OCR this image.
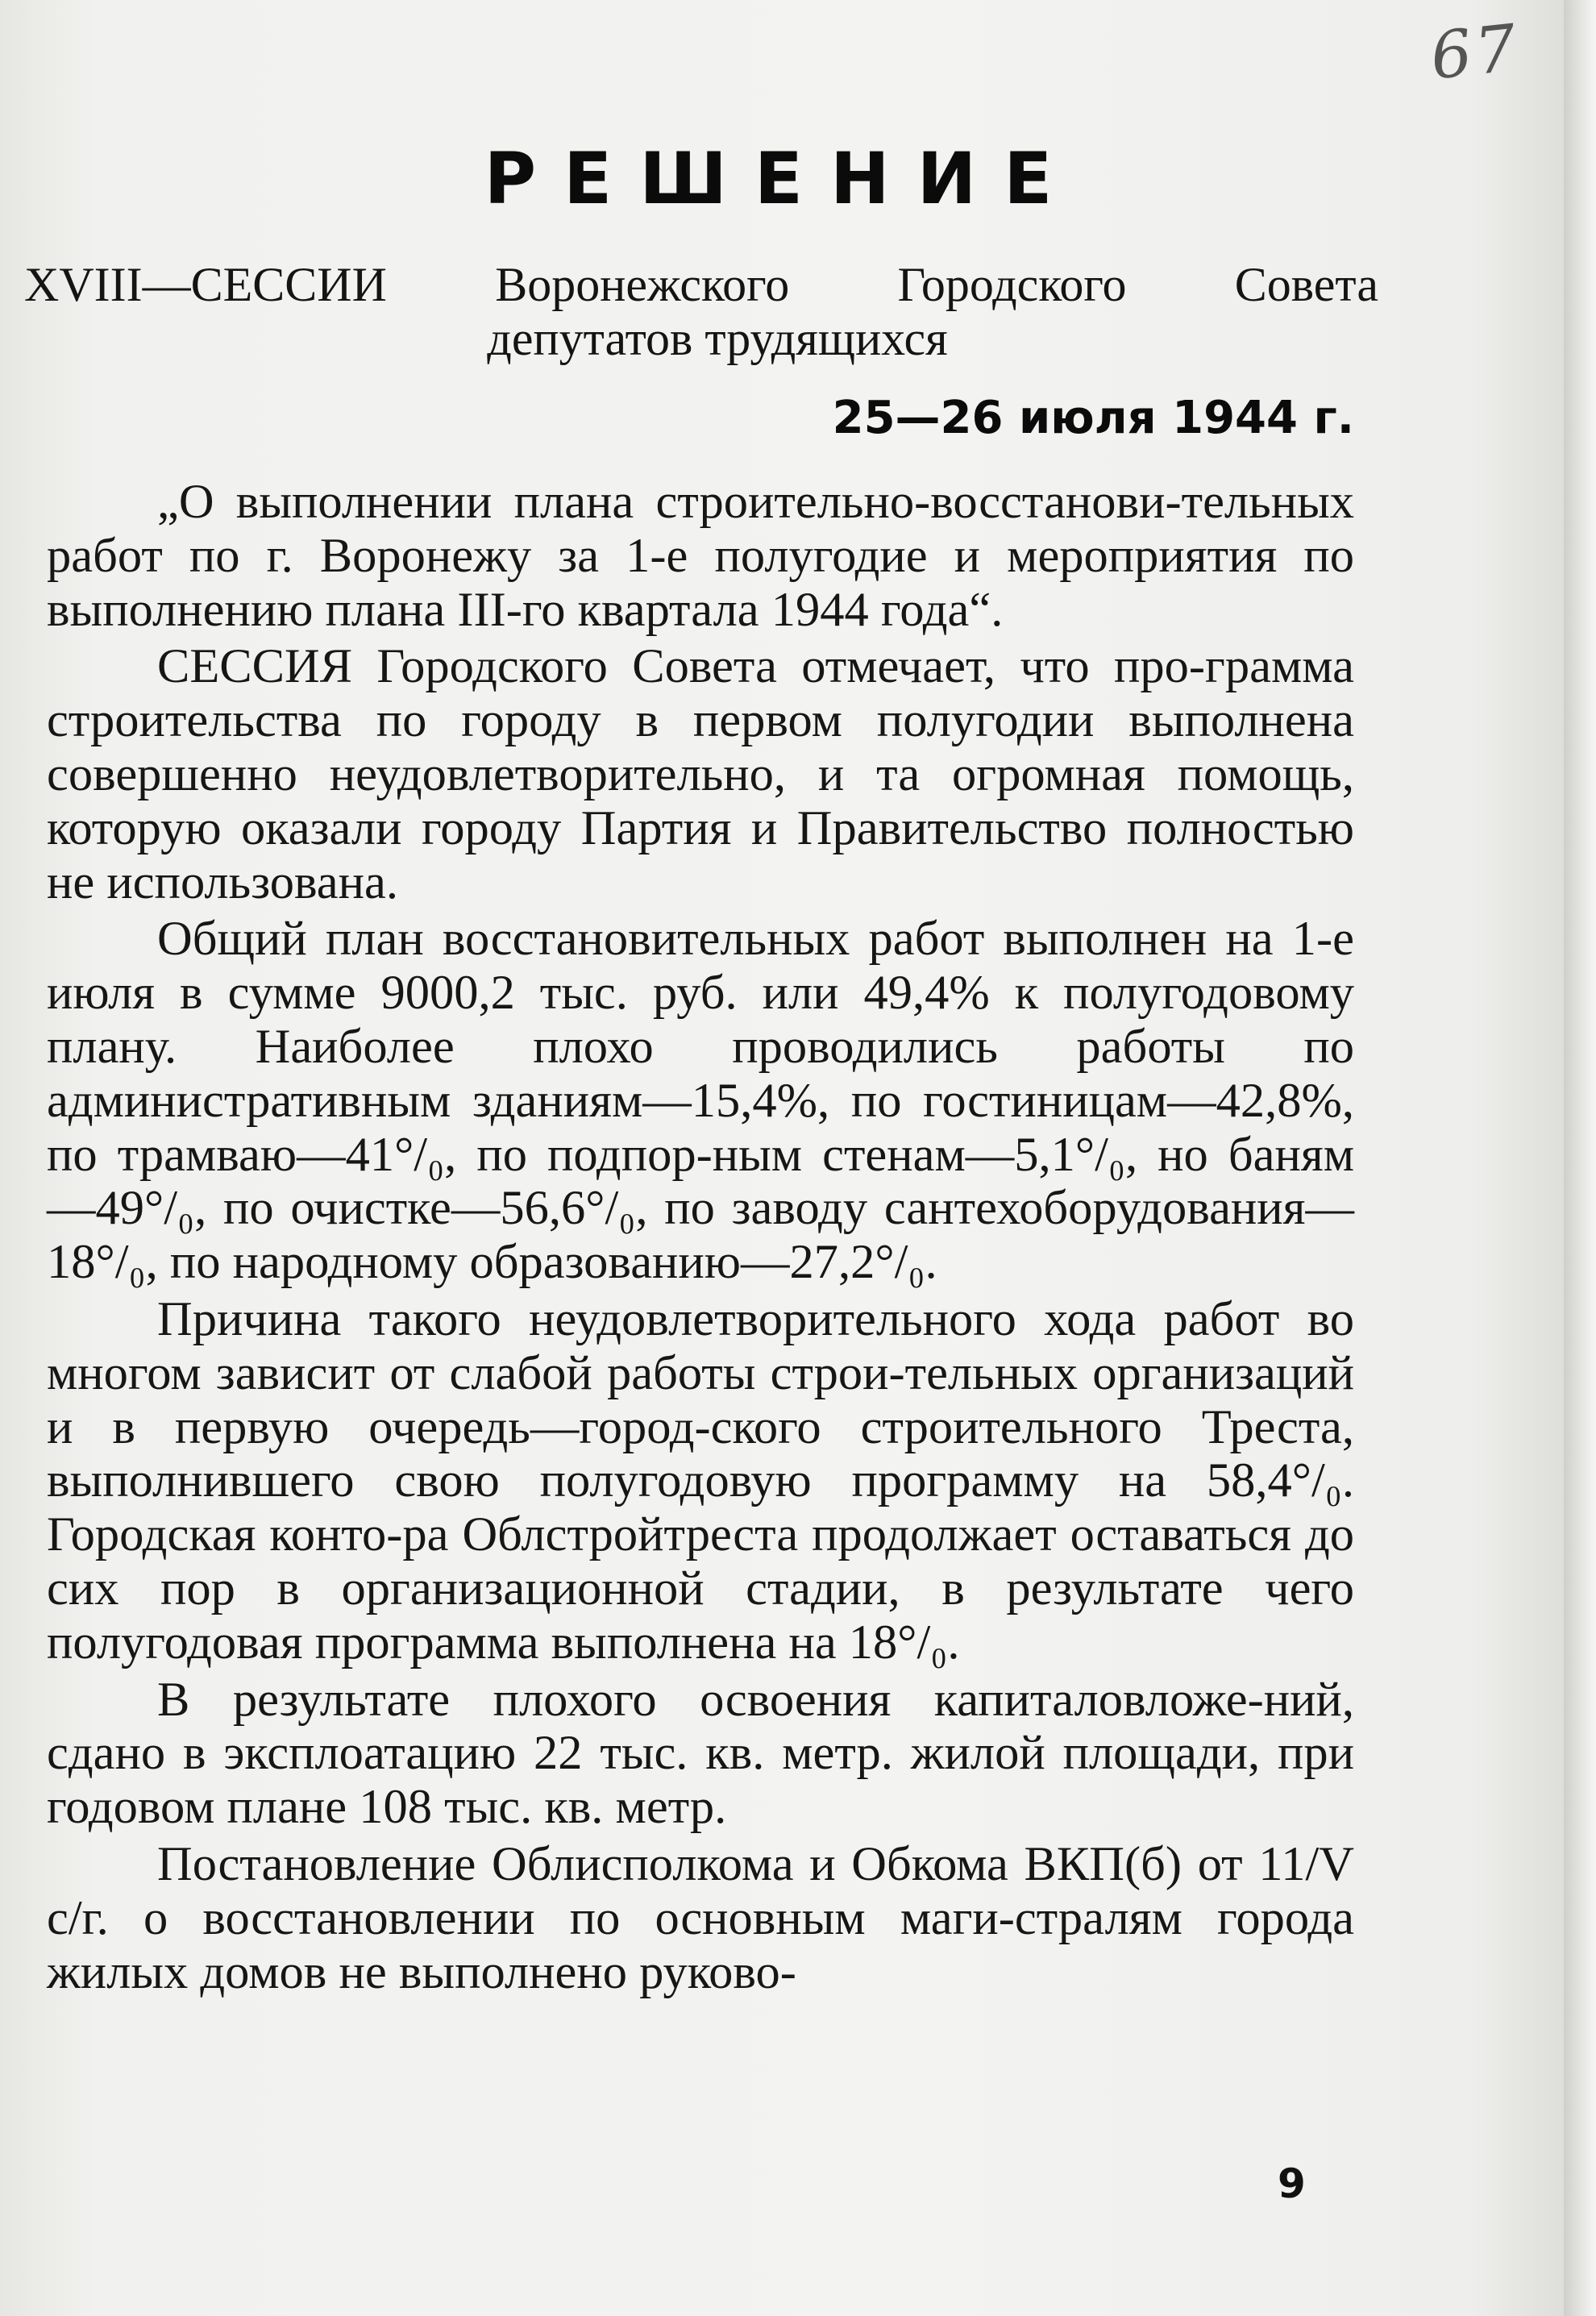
67
РЕШЕНИЕ

XVIII—СЕССИИ Воронежского Городского Совета

депутатов трудящихся

25—26 июля 1944 г.

„О выполнении плана строительно-восстанови-тельных работ по г. Воронежу за 1-е полугодие и мероприятия по выполнению плана III-го квартала 1944 года“.

СЕССИЯ Городского Совета отмечает, что про-грамма строительства по городу в первом полугодии выполнена совершенно неудовлетворительно, и та огромная помощь, которую оказали городу Партия и Правительство полностью не использована.

Общий план восстановительных работ выполнен на 1-е июля в сумме 9000,2 тыс. руб. или 49,4% к полугодовому плану. Наиболее плохо проводились работы по административным зданиям—15,4%, по гостиницам—42,8%, по трамваю—41°/₀, по подпор-ным стенам—5,1°/₀, но баням—49°/₀, по очистке—56,6°/₀, по заводу сантехоборудования—18°/₀, по народному образованию—27,2°/₀.

Причина такого неудовлетворительного хода работ во многом зависит от слабой работы строи-тельных организаций и в первую очередь—город-ского строительного Треста, выполнившего свою полугодовую программу на 58,4°/₀. Городская конто-ра Облстройтреста продолжает оставаться до сих пор в организационной стадии, в результате чего полугодовая программа выполнена на 18°/₀.

В результате плохого освоения капиталовложе-ний, сдано в эксплоатацию 22 тыс. кв. метр. жилой площади, при годовом плане 108 тыс. кв. метр.

Постановление Облисполкома и Обкома ВКП(б) от 11/V с/г. о восстановлении по основным маги-стралям города жилых домов не выполнено руково-

9
